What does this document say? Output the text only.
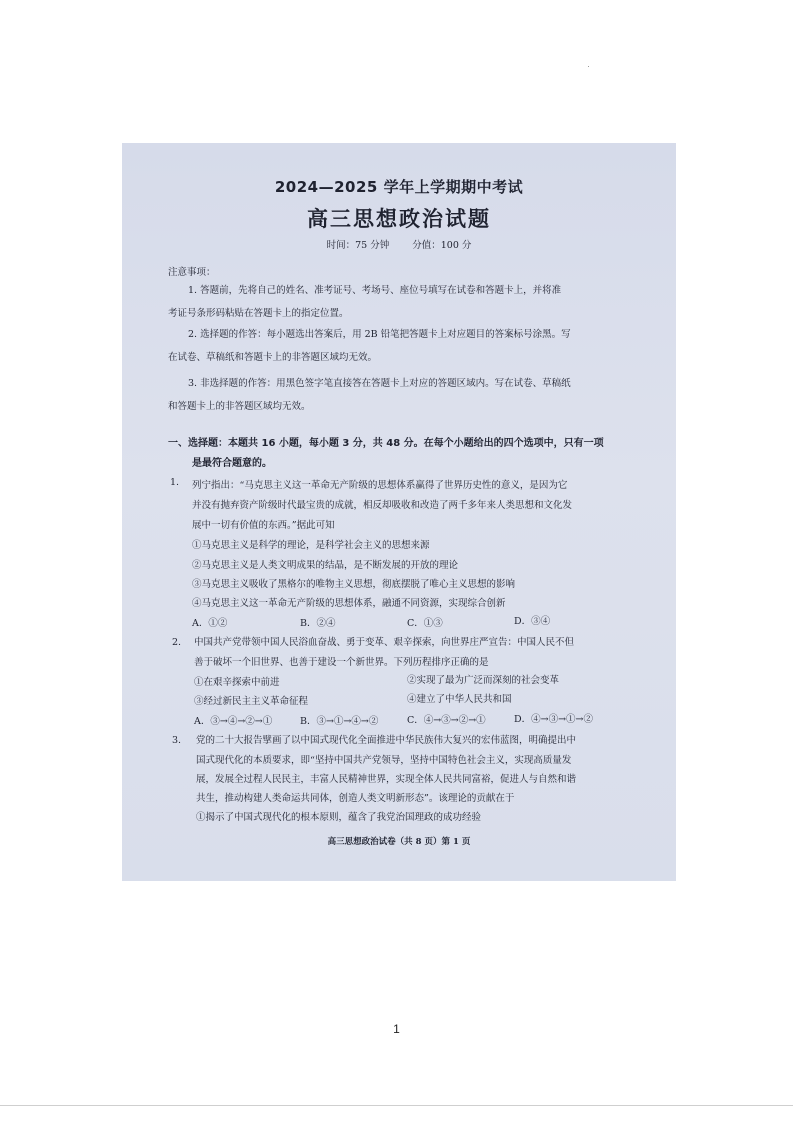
2024—2025 学年上学期期中考试
高三思想政治试题
时间：75 分钟 分值：100 分
注意事项：
1. 答题前，先将自己的姓名、准考证号、考场号、座位号填写在试卷和答题卡上，并将准
考证号条形码粘贴在答题卡上的指定位置。
2. 选择题的作答：每小题选出答案后，用 2B 铅笔把答题卡上对应题目的答案标号涂黑。写
在试卷、草稿纸和答题卡上的非答题区域均无效。
3. 非选择题的作答：用黑色签字笔直接答在答题卡上对应的答题区域内。写在试卷、草稿纸
和答题卡上的非答题区域均无效。
一、选择题：本题共 16 小题，每小题 3 分，共 48 分。在每个小题给出的四个选项中，只有一项
是最符合题意的。
1. 列宁指出：“马克思主义这一革命无产阶级的思想体系赢得了世界历史性的意义，是因为它
并没有抛弃资产阶级时代最宝贵的成就，相反却吸收和改造了两千多年来人类思想和文化发
展中一切有价值的东西。”据此可知
①马克思主义是科学的理论，是科学社会主义的思想来源
②马克思主义是人类文明成果的结晶，是不断发展的开放的理论
③马克思主义吸收了黑格尔的唯物主义思想，彻底摆脱了唯心主义思想的影响
④马克思主义这一革命无产阶级的思想体系，融通不同资源，实现综合创新
A．①②	B．②④	C．①③	D．③④
2. 中国共产党带领中国人民浴血奋战、勇于变革、艰辛探索，向世界庄严宣告：中国人民不但
善于破坏一个旧世界、也善于建设一个新世界。下列历程排序正确的是
①在艰辛探索中前进	②实现了最为广泛而深刻的社会变革
③经过新民主主义革命征程	④建立了中华人民共和国
A．③→④→②→①	B．③→①→④→②	C．④→③→②→①	D．④→③→①→②
3. 党的二十大报告擘画了以中国式现代化全面推进中华民族伟大复兴的宏伟蓝图，明确提出中
国式现代化的本质要求，即“坚持中国共产党领导，坚持中国特色社会主义，实现高质量发
展，发展全过程人民民主，丰富人民精神世界，实现全体人民共同富裕，促进人与自然和谐
共生，推动构建人类命运共同体，创造人类文明新形态”。该理论的贡献在于
①揭示了中国式现代化的根本原则，蕴含了我党治国理政的成功经验
高三思想政治试卷（共 8 页）第 1 页
1
